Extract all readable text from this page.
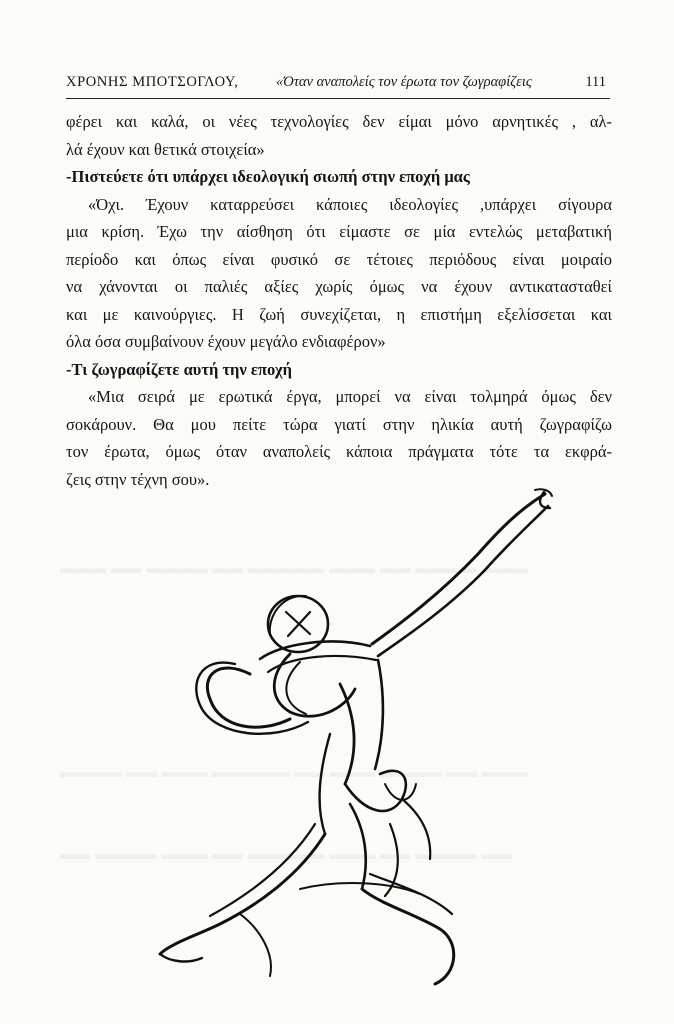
▬▬▬ ▬▬ ▬▬▬▬ ▬▬ ▬▬▬▬▬ ▬▬▬ ▬▬ ▬▬▬▬ ▬▬▬
▬▬▬▬ ▬▬ ▬▬▬ ▬▬▬▬▬ ▬▬ ▬▬▬ ▬▬▬▬ ▬▬ ▬▬▬
▬▬ ▬▬▬▬ ▬▬▬ ▬▬ ▬▬▬▬▬ ▬▬▬ ▬▬ ▬▬▬▬ ▬▬
ΧΡΟΝΗΣ ΜΠΟΤΣΟΓΛΟΥ,	«Όταν αναπολείς τον έρωτα τον ζωγραφίζεις	111

φέρει και καλά, οι νέες τεχνολογίες δεν είμαι μόνο αρνητικές , αλ-

λά έχουν και θετικά στοιχεία»

-Πιστεύετε ότι υπάρχει ιδεολογική σιωπή στην εποχή μας

«Όχι. Έχουν καταρρεύσει κάποιες ιδεολογίες ,υπάρχει σίγουρα

μια κρίση. Έχω την αίσθηση ότι είμαστε σε μία εντελώς μεταβατική

περίοδο και όπως είναι φυσικό σε τέτοιες περιόδους είναι μοιραίο

να χάνονται οι παλιές αξίες χωρίς όμως να έχουν αντικατασταθεί

και με καινούργιες. Η ζωή συνεχίζεται, η επιστήμη εξελίσσεται και

όλα όσα συμβαίνουν έχουν μεγάλο ενδιαφέρον»

-Τι ζωγραφίζετε αυτή την εποχή

«Μια σειρά με ερωτικά έργα, μπορεί να είναι τολμηρά όμως δεν

σοκάρουν. Θα μου πείτε τώρα γιατί στην ηλικία αυτή ζωγραφίζω

τον έρωτα, όμως όταν αναπολείς κάποια πράγματα τότε τα εκφρά-

ζεις στην τέχνη σου».
